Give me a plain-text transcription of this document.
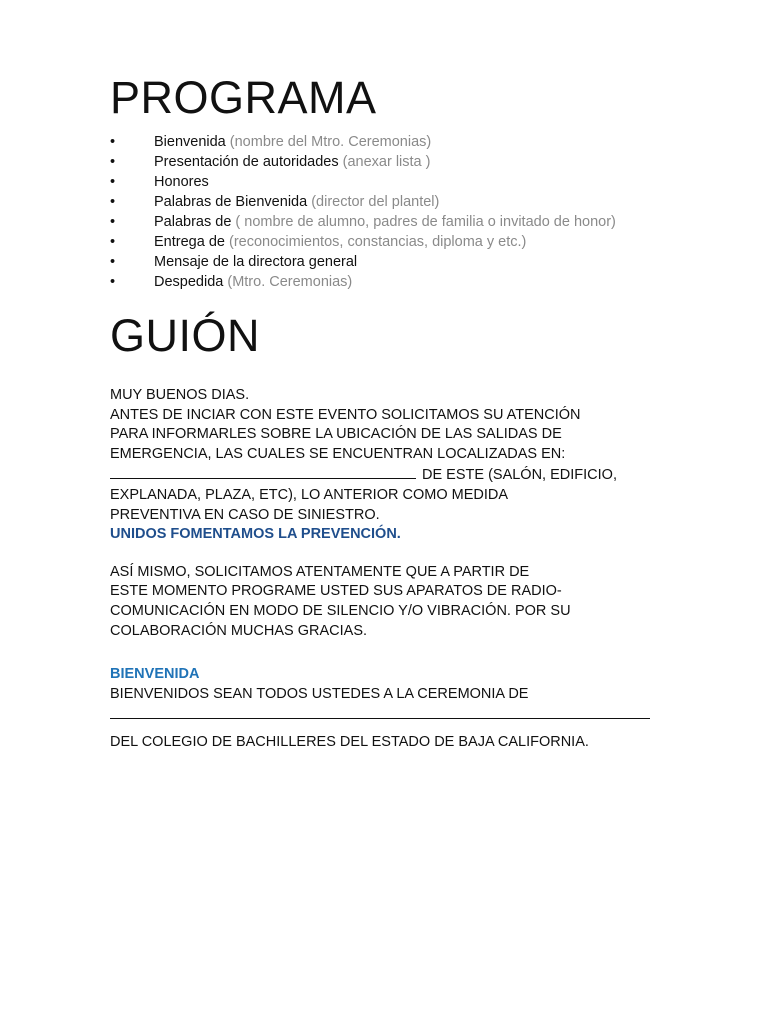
PROGRAMA
•	Bienvenida (nombre del Mtro. Ceremonias)
•	Presentación de autoridades (anexar lista )
•	Honores
•	Palabras de Bienvenida (director del plantel)
•	Palabras de ( nombre de alumno, padres de familia o invitado de honor)
•	Entrega de (reconocimientos, constancias, diploma y etc.)
•	Mensaje de la directora general
•	Despedida (Mtro. Ceremonias)
GUIÓN

MUY BUENOS DIAS.

ANTES DE INCIAR CON ESTE EVENTO SOLICITAMOS SU ATENCIÓN

PARA INFORMARLES SOBRE LA UBICACIÓN DE LAS SALIDAS DE

EMERGENCIA, LAS CUALES SE ENCUENTRAN LOCALIZADAS EN:

DE ESTE (SALÓN, EDIFICIO,

EXPLANADA, PLAZA, ETC), LO ANTERIOR COMO MEDIDA

PREVENTIVA EN CASO DE SINIESTRO.

UNIDOS FOMENTAMOS LA PREVENCIÓN.

ASÍ MISMO, SOLICITAMOS ATENTAMENTE QUE A PARTIR DE

ESTE MOMENTO PROGRAME USTED SUS APARATOS DE RADIO-

COMUNICACIÓN EN MODO DE SILENCIO Y/O VIBRACIÓN. POR SU

COLABORACIÓN MUCHAS GRACIAS.

BIENVENIDA

BIENVENIDOS SEAN TODOS USTEDES A LA CEREMONIA DE

DEL COLEGIO DE BACHILLERES DEL ESTADO DE BAJA CALIFORNIA.
